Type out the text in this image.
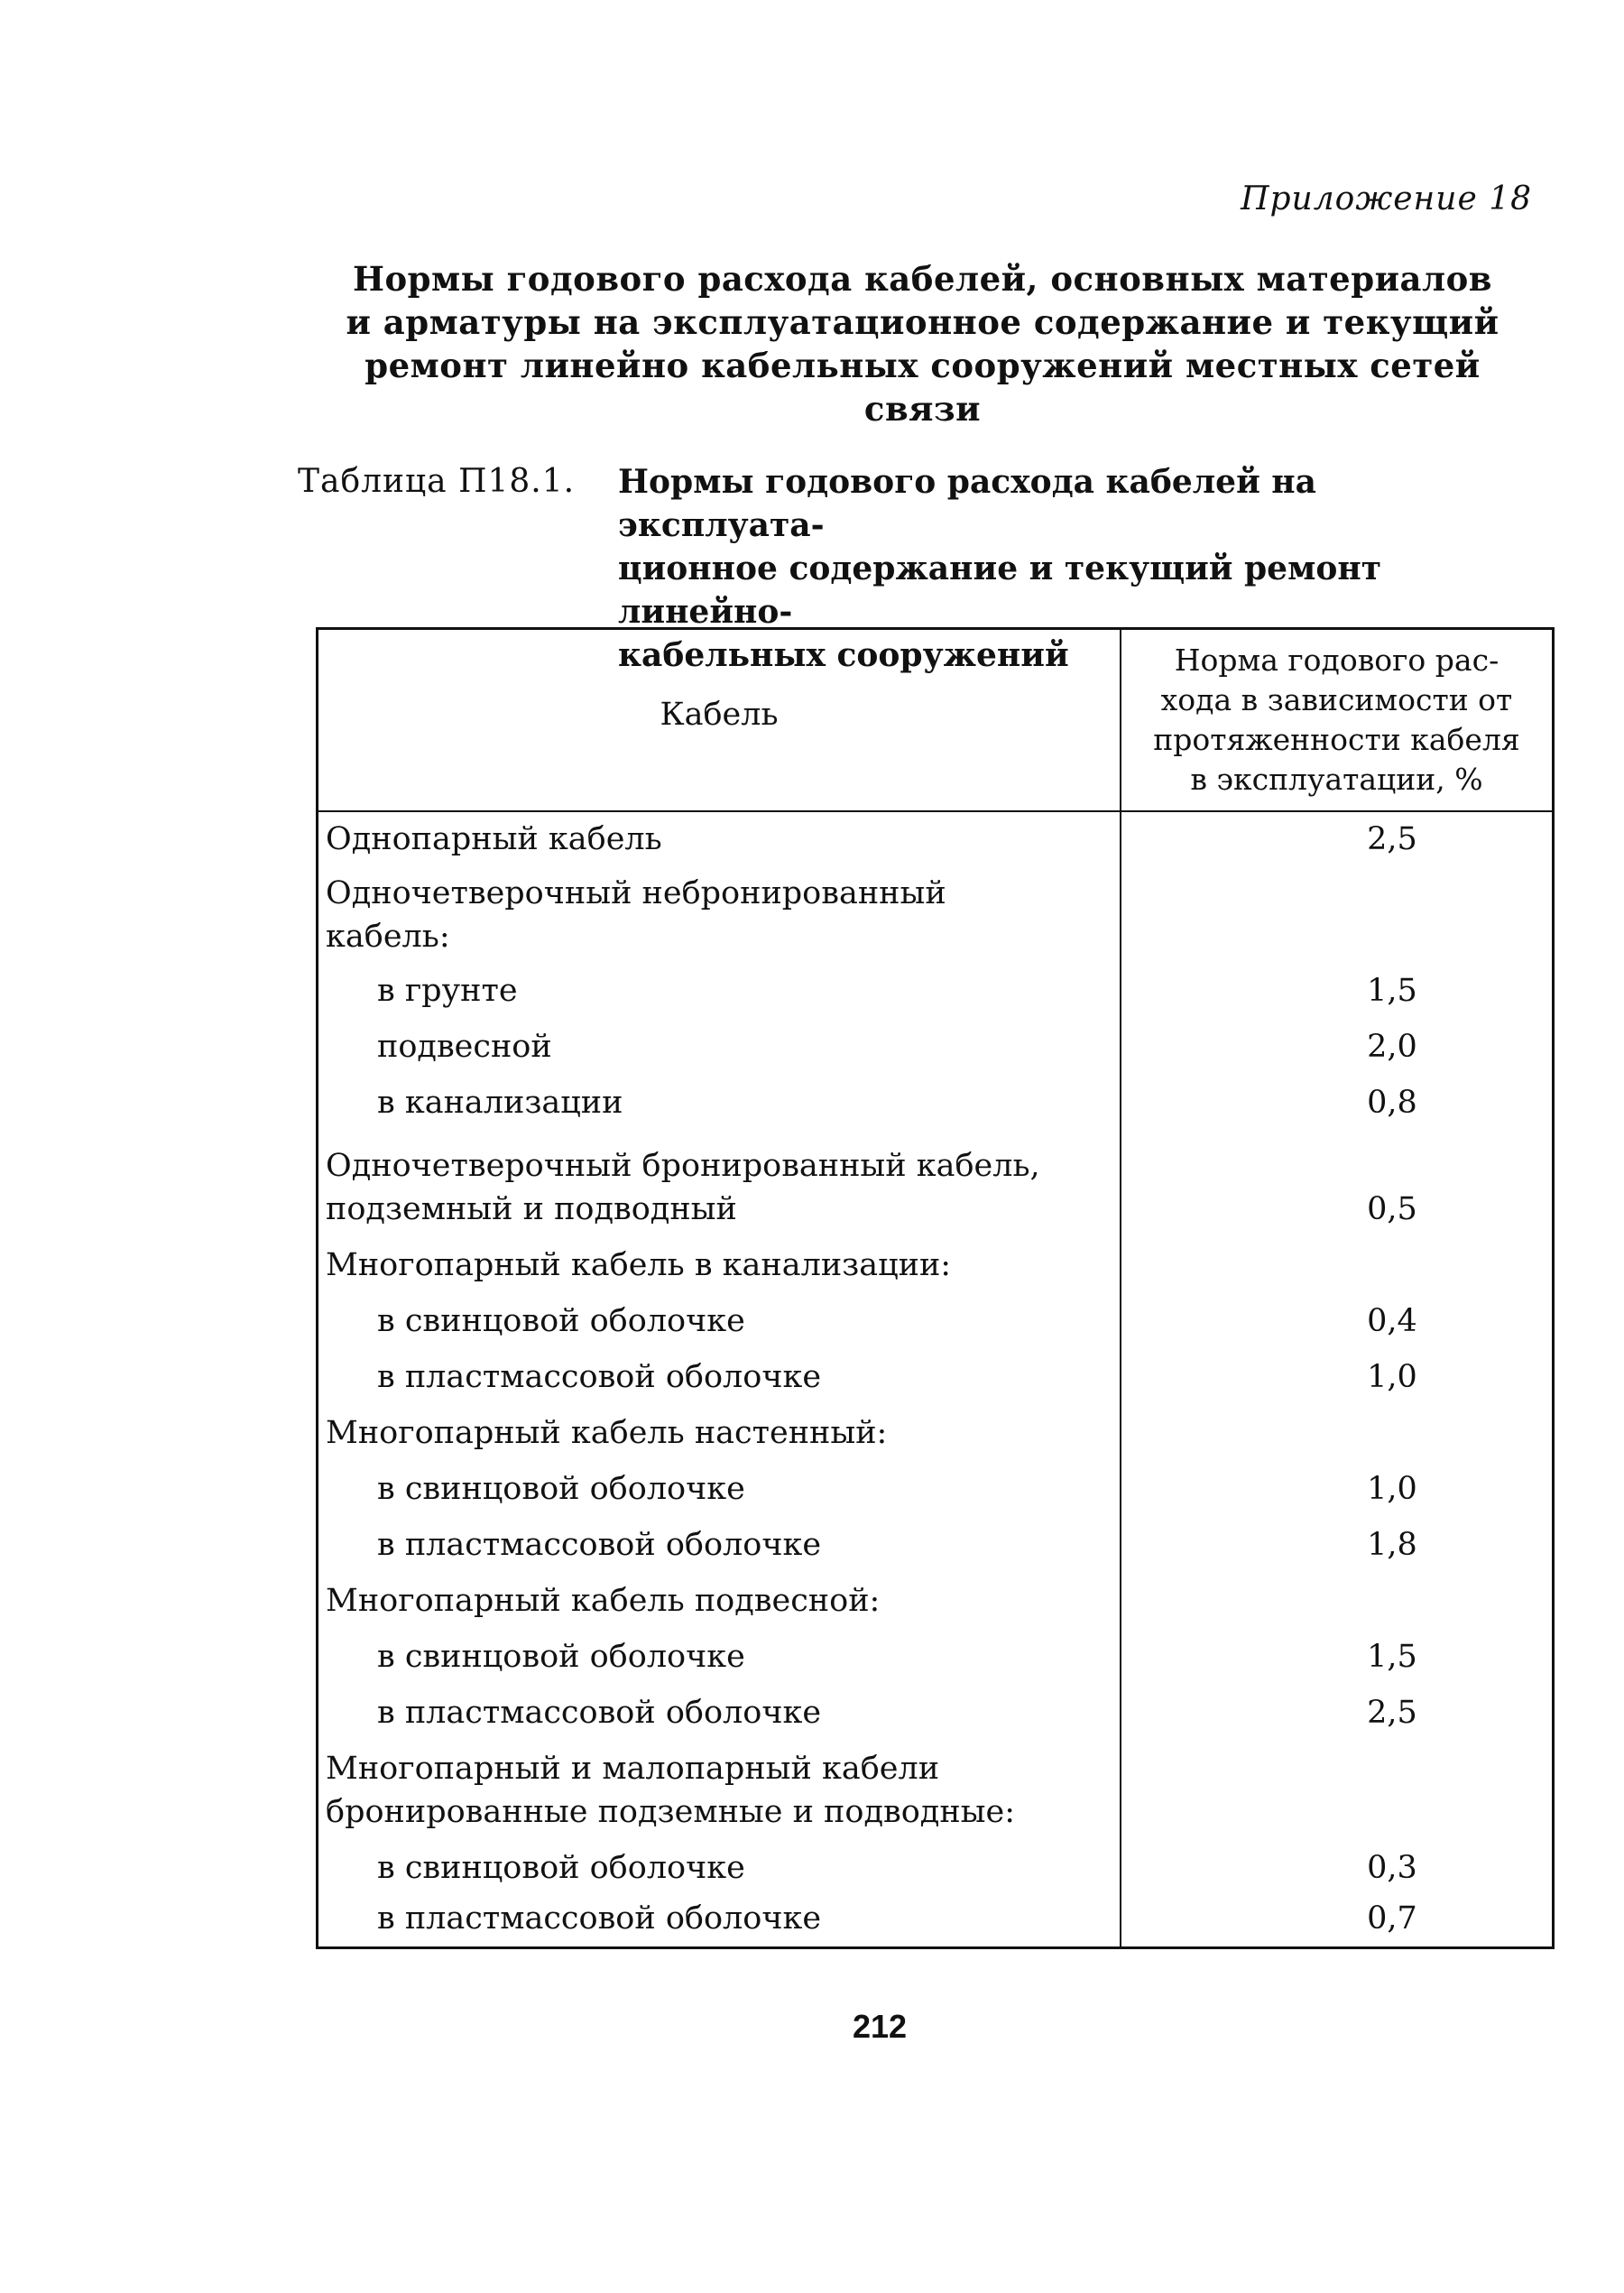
Приложение 18
Нормы годового расхода кабелей, основных материалов
и арматуры на эксплуатационное содержание и текущий
ремонт линейно кабельных сооружений местных сетей
связи
Таблица П18.1. Нормы годового расхода кабелей на эксплуата-
ционное содержание и текущий ремонт линейно-
кабельных сооружений
Кабель
Норма годового рас-
хода в зависимости от
протяженности кабеля
в эксплуатации, %
Однопарный кабель	2,5
Одночетверочный небронированный
кабель:
в грунте	1,5
подвесной	2,0
в канализации	0,8
Одночетверочный бронированный кабель,
подземный и подводный	0,5
Многопарный кабель в канализации:
в свинцовой оболочке	0,4
в пластмассовой оболочке	1,0
Многопарный кабель настенный:
в свинцовой оболочке	1,0
в пластмассовой оболочке	1,8
Многопарный кабель подвесной:
в свинцовой оболочке	1,5
в пластмассовой оболочке	2,5
Многопарный и малопарный кабели
бронированные подземные и подводные:
в свинцовой оболочке	0,3
в пластмассовой оболочке	0,7
212
